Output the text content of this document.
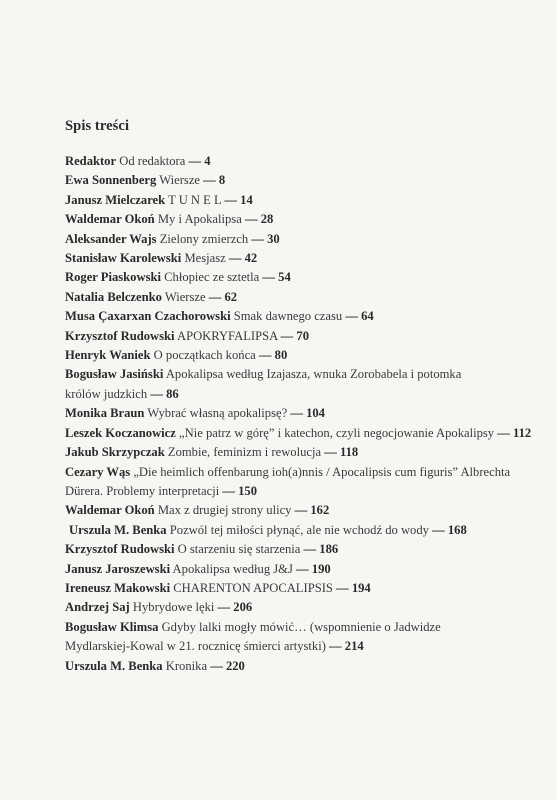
Spis treści
Redaktor Od redaktora — 4
Ewa Sonnenberg Wiersze — 8
Janusz Mielczarek T U N E L — 14
Waldemar Okoń My i Apokalipsa — 28
Aleksander Wajs Zielony zmierzch — 30
Stanisław Karolewski Mesjasz — 42
Roger Piaskowski Chłopiec ze sztetla — 54
Natalia Belczenko Wiersze — 62
Musa Çaxarxan Czachorowski Smak dawnego czasu — 64
Krzysztof Rudowski APOKRYFALIPSA — 70
Henryk Waniek O początkach końca — 80
Bogusław Jasiński Apokalipsa według Izajasza, wnuka Zorobabela i potomka
królów judzkich — 86
Monika Braun Wybrać własną apokalipsę? — 104
Leszek Koczanowicz „Nie patrz w górę” i katechon, czyli negocjowanie Apokalipsy — 112
Jakub Skrzypczak Zombie, feminizm i rewolucja — 118
Cezary Wąs „Die heimlich offenbarung ioh(a)nnis / Apocalipsis cum figuris” Albrechta
Dürera. Problemy interpretacji — 150
Waldemar Okoń Max z drugiej strony ulicy — 162
Urszula M. Benka Pozwól tej miłości płynąć, ale nie wchodź do wody — 168
Krzysztof Rudowski O starzeniu się starzenia — 186
Janusz Jaroszewski Apokalipsa według J&J — 190
Ireneusz Makowski CHARENTON APOCALIPSIS — 194
Andrzej Saj Hybrydowe lęki — 206
Bogusław Klimsa Gdyby lalki mogły mówić… (wspomnienie o Jadwidze
Mydlarskiej-Kowal w 21. rocznicę śmierci artystki) — 214
Urszula M. Benka Kronika — 220
